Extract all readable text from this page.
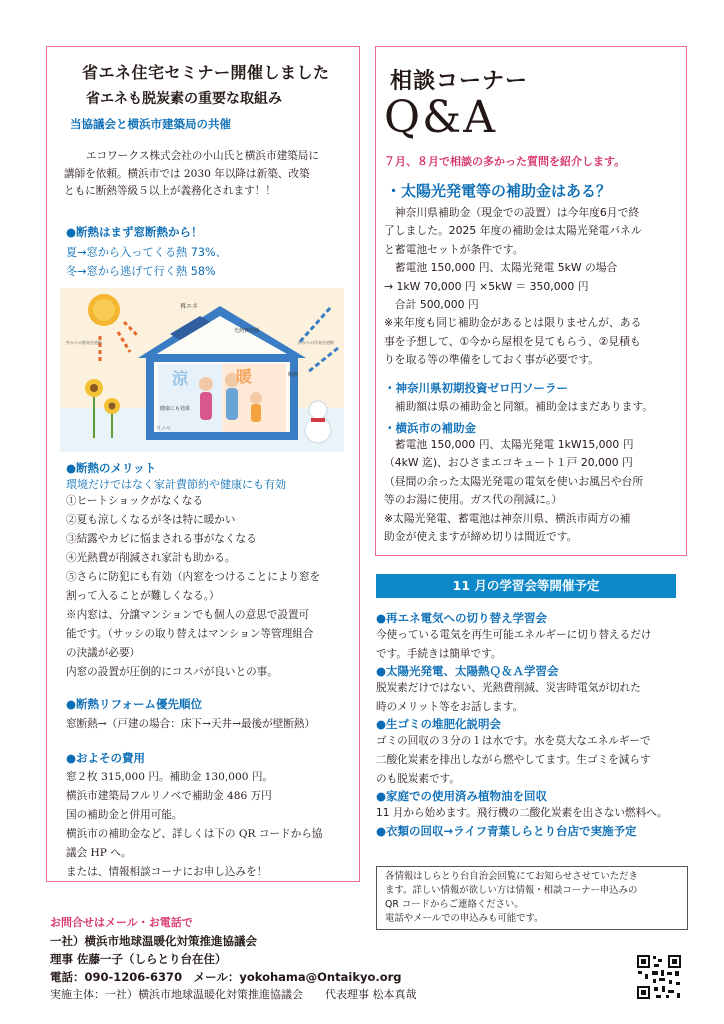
省エネ住宅セミナー開催しました
省エネも脱炭素の重要な取組み
当協議会と横浜市建築局の共催
エコワークス株式会社の小山氏と横浜市建築局に
講師を依頼。横浜市では 2030 年以降は新築、改築
ともに断熱等級５以上が義務化されます！！
●断熱はまず窓断熱から！
夏→窓から入ってくる熱 73%、
冬→窓から逃げて行く熱 58%
再エネ
光熱費削減
涼	暖
健康にも効果
断熱
リノベ
外からの熱気を遮断	外からの冷気を遮断
●断熱のメリット
環境だけではなく家計費節約や健康にも有効
①ヒートショックがなくなる
②夏も涼しくなるが冬は特に暖かい
③結露やカビに悩まされる事がなくなる
④光熱費が削減され家計も助かる。
⑤さらに防犯にも有効（内窓をつけることにより窓を
割って入ることが難しくなる。）
※内窓は、分譲マンションでも個人の意思で設置可
能です。（サッシの取り替えはマンション等管理組合
の決議が必要）
内窓の設置が圧倒的にコスパが良いとの事。
●断熱リフォーム優先順位
窓断熱→（戸建の場合：床下→天井→最後が壁断熱）
●およその費用
窓２枚 315,000 円。補助金 130,000 円。
横浜市建築局フルリノベで補助金 486 万円
国の補助金と併用可能。
横浜市の補助金など、詳しくは下の QR コードから協
議会 HP へ。
または、情報相談コーナにお申し込みを！
相談コーナー
Q&A
７月、８月で相談の多かった質問を紹介します。
・太陽光発電等の補助金はある？
　神奈川県補助金（現金での設置）は今年度6月で終
了しました。2025 年度の補助金は太陽光発電パネル
と蓄電池セットが条件です。
　蓄電池 150,000 円、太陽光発電 5kW の場合
→ 1kW 70,000 円 ×5kW ＝ 350,000 円
　合計 500,000 円
※来年度も同じ補助金があるとは限りませんが、ある
事を予想して、①今から屋根を見てもらう、②見積も
りを取る等の準備をしておく事が必要です。
・神奈川県初期投資ゼロ円ソーラー
　補助額は県の補助金と同額。補助金はまだあります。
・横浜市の補助金
　蓄電池 150,000 円、太陽光発電 1kW15,000 円
（4kW 迄)、おひさまエコキュート１戸 20,000 円
（昼間の余った太陽光発電の電気を使いお風呂や台所
等のお湯に使用。ガス代の削減に。）
※太陽光発電、蓄電池は神奈川県、横浜市両方の補
助金が使えますが締め切りは間近です。
11 月の学習会等開催予定
●再エネ電気への切り替え学習会
今使っている電気を再生可能エネルギーに切り替えるだけ
です。手続きは簡単です。
●太陽光発電、太陽熱Ｑ＆Ａ学習会
脱炭素だけではない、光熱費削減、災害時電気が切れた
時のメリット等をお話します。
●生ゴミの堆肥化説明会
ゴミの回収の３分の１は水です。水を莫大なエネルギーで
二酸化炭素を排出しながら燃やしてます。生ゴミを減らす
のも脱炭素です。
●家庭での使用済み植物油を回収
11 月から始めます。飛行機の二酸化炭素を出さない燃料へ。
●衣類の回収→ライフ青葉しらとり台店で実施予定
各情報はしらとり台自治会回覧にてお知らせさせていただき
ます。詳しい情報が欲しい方は情報・相談コーナー申込みの
QR コードからご連絡ください。
電話やメールでの申込みも可能です。
お問合せはメール・お電話で
一社）横浜市地球温暖化対策推進協議会
理事 佐藤一子（しらとり台在住）
電話：090-1206-6370　メール：yokohama@Ontaikyo.org
実施主体：一社）横浜市地球温暖化対策推進協議会　　代表理事 松本真哉
